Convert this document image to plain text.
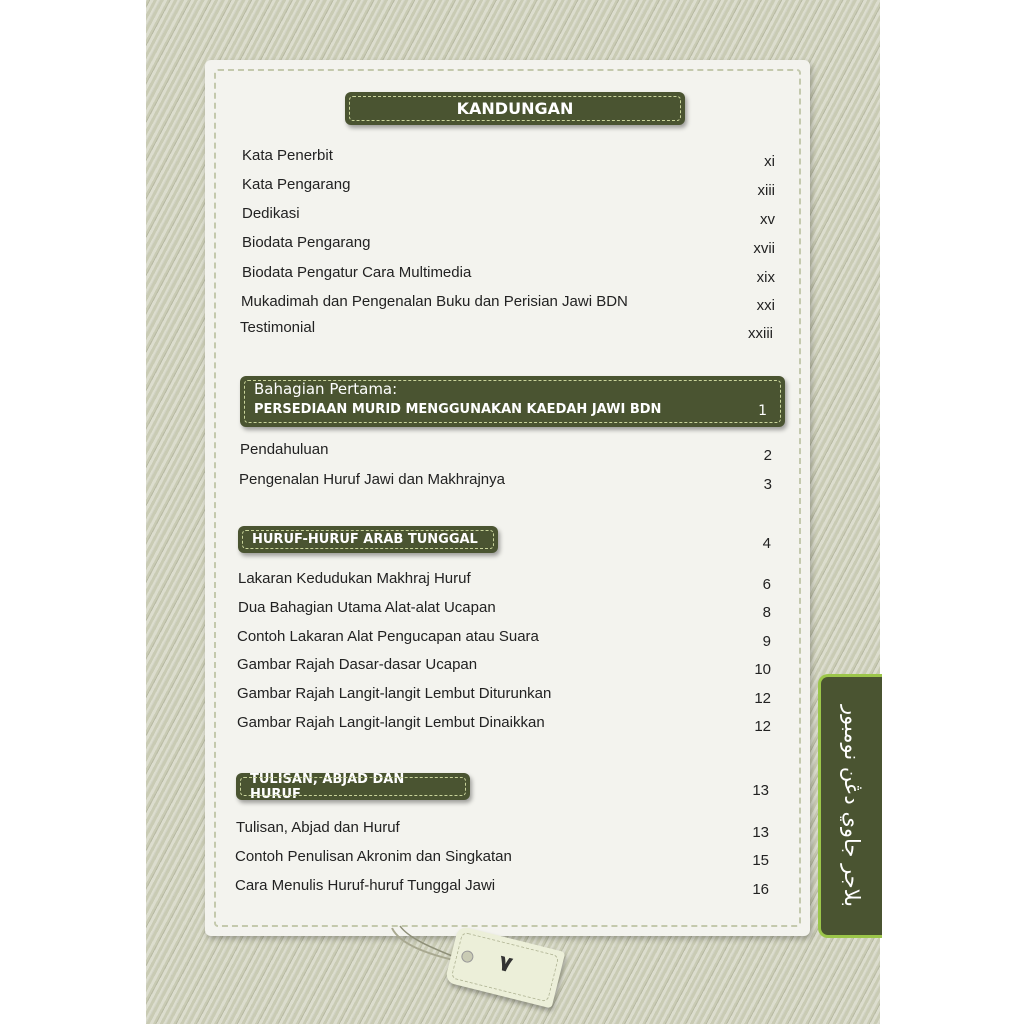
KANDUNGAN
Kata Penerbit	xi
Kata Pengarang	xiii
Dedikasi	xv
Biodata Pengarang	xvii
Biodata Pengatur Cara Multimedia	xix
Mukadimah dan Pengenalan Buku dan Perisian Jawi BDN	xxi
Testimonial	xxiii
Bahagian Pertama:
PERSEDIAAN MURID MENGGUNAKAN KAEDAH JAWI BDN	1
Pendahuluan	2
Pengenalan Huruf Jawi dan Makhrajnya	3
HURUF-HURUF ARAB TUNGGAL	4
Lakaran Kedudukan Makhraj Huruf	6
Dua Bahagian Utama Alat-alat Ucapan	8
Contoh Lakaran Alat Pengucapan atau Suara	9
Gambar Rajah Dasar-dasar Ucapan	10
Gambar Rajah Langit-langit Lembut Diturunkan	12
Gambar Rajah Langit-langit Lembut Dinaikkan	12
TULISAN, ABJAD DAN HURUF	13
Tulisan, Abjad dan Huruf	13
Contoh Penulisan Akronim dan Singkatan	15
Cara Menulis Huruf-huruf Tunggal Jawi	16	بلاجر جاوي دڠن نومبور
٧
